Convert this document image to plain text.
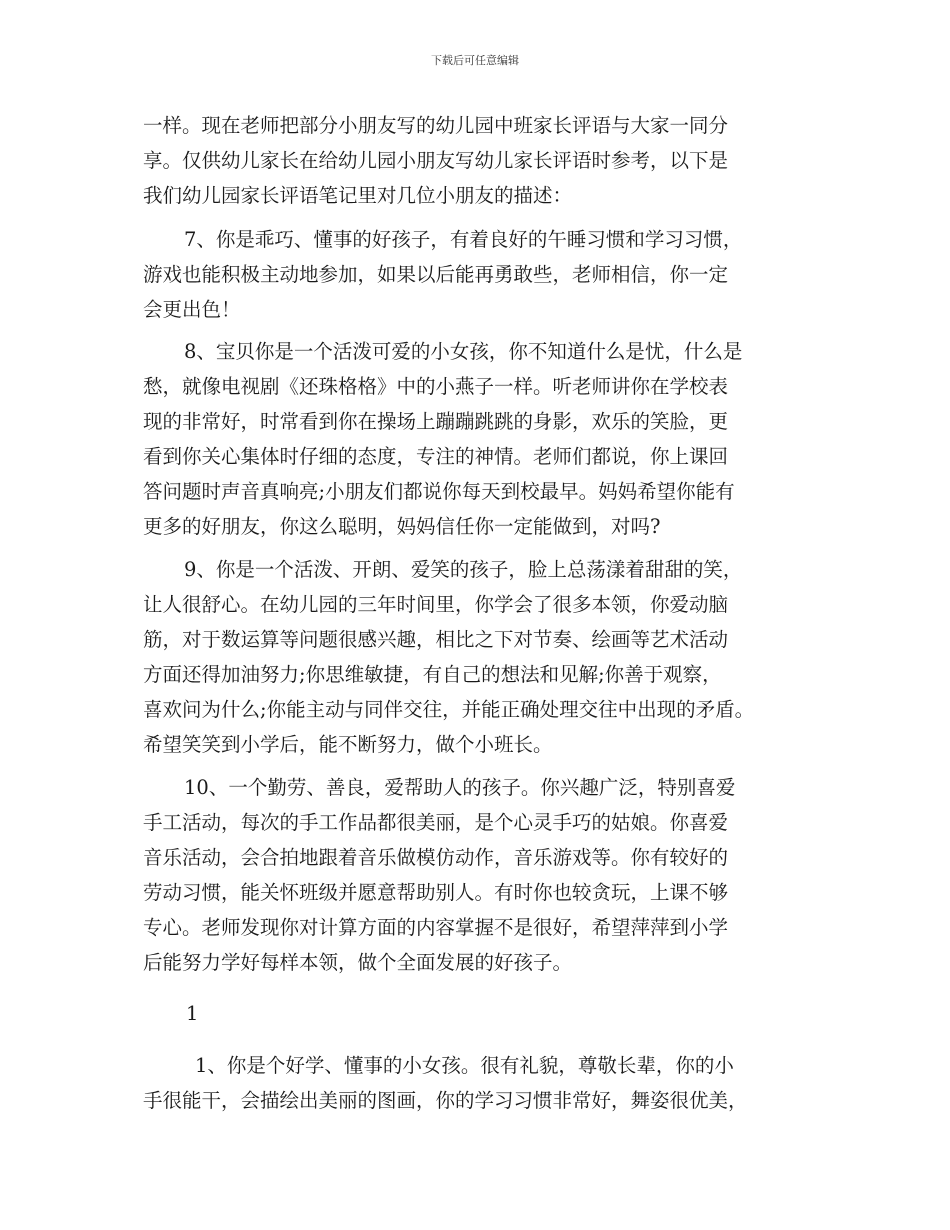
下载后可任意编辑
一样。现在老师把部分小朋友写的幼儿园中班家长评语与大家一同分
享。仅供幼儿家长在给幼儿园小朋友写幼儿家长评语时参考，以下是
我们幼儿园家长评语笔记里对几位小朋友的描述：
7、你是乖巧、懂事的好孩子，有着良好的午睡习惯和学习习惯，
游戏也能积极主动地参加，如果以后能再勇敢些，老师相信，你一定
会更出色！
8、宝贝你是一个活泼可爱的小女孩，你不知道什么是忧，什么是
愁，就像电视剧《还珠格格》中的小燕子一样。听老师讲你在学校表
现的非常好，时常看到你在操场上蹦蹦跳跳的身影，欢乐的笑脸，更
看到你关心集体时仔细的态度，专注的神情。老师们都说，你上课回
答问题时声音真响亮;小朋友们都说你每天到校最早。妈妈希望你能有
更多的好朋友，你这么聪明，妈妈信任你一定能做到，对吗?
9、你是一个活泼、开朗、爱笑的孩子，脸上总荡漾着甜甜的笑，
让人很舒心。在幼儿园的三年时间里，你学会了很多本领，你爱动脑
筋，对于数运算等问题很感兴趣，相比之下对节奏、绘画等艺术活动
方面还得加油努力;你思维敏捷，有自己的想法和见解;你善于观察，
喜欢问为什么;你能主动与同伴交往，并能正确处理交往中出现的矛盾。
希望笑笑到小学后，能不断努力，做个小班长。
10、一个勤劳、善良，爱帮助人的孩子。你兴趣广泛，特别喜爱
手工活动，每次的手工作品都很美丽，是个心灵手巧的姑娘。你喜爱
音乐活动，会合拍地跟着音乐做模仿动作，音乐游戏等。你有较好的
劳动习惯，能关怀班级并愿意帮助别人。有时你也较贪玩，上课不够
专心。老师发现你对计算方面的内容掌握不是很好，希望萍萍到小学
后能努力学好每样本领，做个全面发展的好孩子。
1
1、你是个好学、懂事的小女孩。很有礼貌，尊敬长辈，你的小
手很能干，会描绘出美丽的图画，你的学习习惯非常好，舞姿很优美，
